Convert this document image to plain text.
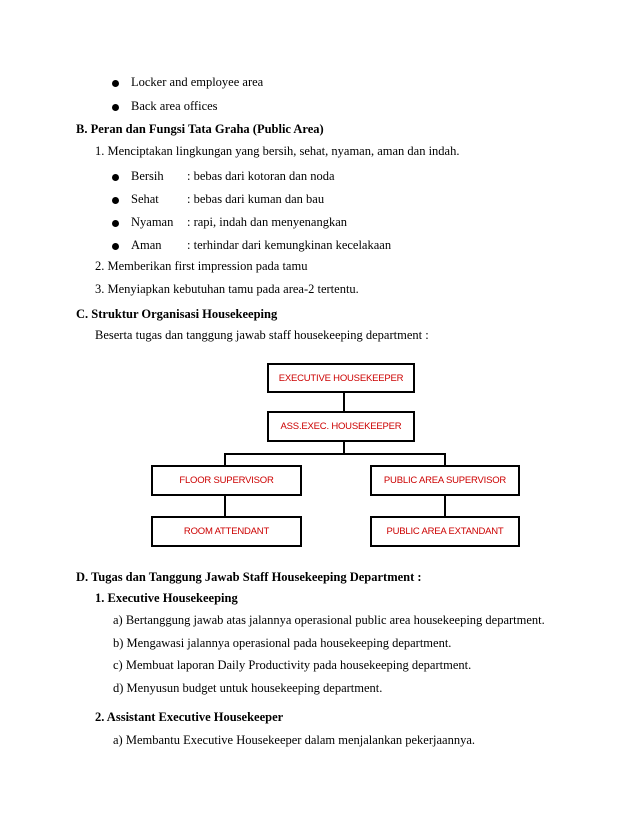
Locker and employee area
Back area offices
B. Peran dan Fungsi Tata Graha (Public Area)
1. Menciptakan lingkungan yang bersih, sehat, nyaman, aman dan indah.
Bersih : bebas dari kotoran dan noda
Sehat : bebas dari kuman dan bau
Nyaman : rapi, indah dan menyenangkan
Aman : terhindar dari kemungkinan kecelakaan
2. Memberikan first impression pada tamu
3. Menyiapkan kebutuhan tamu pada area-2 tertentu.
C. Struktur Organisasi Housekeeping
Beserta tugas dan tanggung jawab staff housekeeping department :
EXECUTIVE HOUSEKEEPER
ASS.EXEC. HOUSEKEEPER
FLOOR SUPERVISOR	PUBLIC AREA SUPERVISOR
ROOM ATTENDANT	PUBLIC AREA EXTANDANT
D. Tugas dan Tanggung Jawab Staff Housekeeping Department :
1. Executive Housekeeping
a) Bertanggung jawab atas jalannya operasional public area housekeeping department.
b) Mengawasi jalannya operasional pada housekeeping department.
c) Membuat laporan Daily Productivity pada housekeeping department.
d) Menyusun budget untuk housekeeping department.
2. Assistant Executive Housekeeper
a) Membantu Executive Housekeeper dalam menjalankan pekerjaannya.
